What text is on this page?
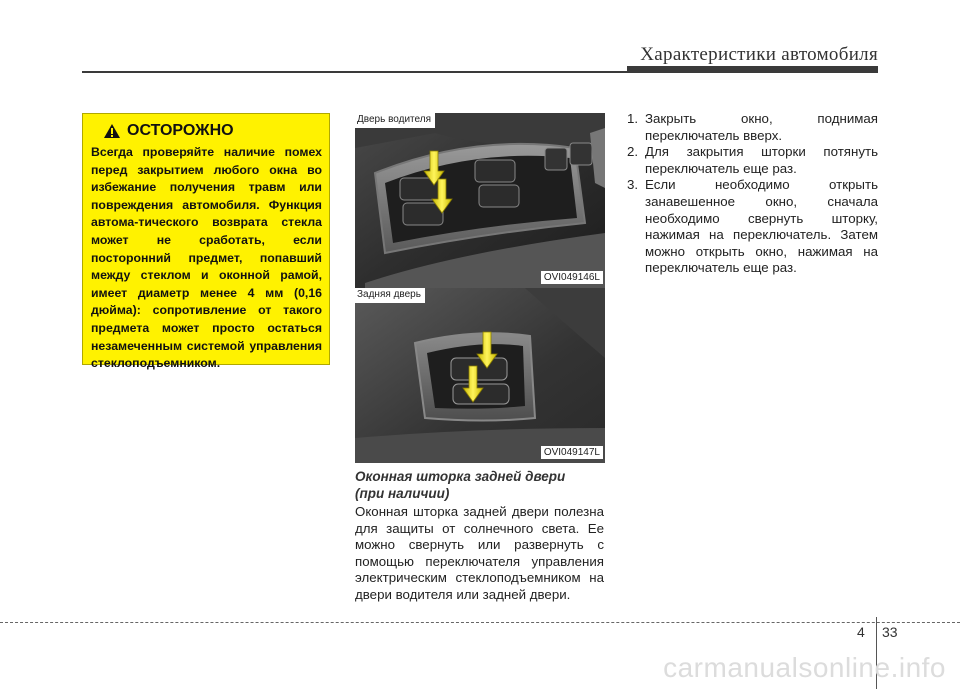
Характеристики автомобиля
ОСТОРОЖНО
Всегда проверяйте наличие помех перед закрытием любого окна во избежание получения травм или повреждения автомобиля. Функция автома-тического возврата стекла может не сработать, если посторонний предмет, попавший между стеклом и оконной рамой, имеет диаметр менее 4 мм (0,16 дюйма): сопротивление от такого предмета может просто остаться незамеченным системой управления стеклоподъемником.
Дверь водителя
OVI049146L
Задняя дверь
OVI049147L
Оконная шторка задней двери
(при наличии)
Оконная шторка задней двери полезна для защиты от солнечного света. Ее можно свернуть или развернуть с помощью переключателя управления электрическим стеклоподъемником на двери водителя или задней двери.
1. Закрыть окно, поднимая переключатель вверх.
2. Для закрытия шторки потянуть переключатель еще раз.
3. Если необходимо открыть занавешенное окно, сначала необходимо свернуть шторку, нажимая на переключатель. Затем можно открыть окно, нажимая на переключатель еще раз.
4 33
carmanualsonline.info
